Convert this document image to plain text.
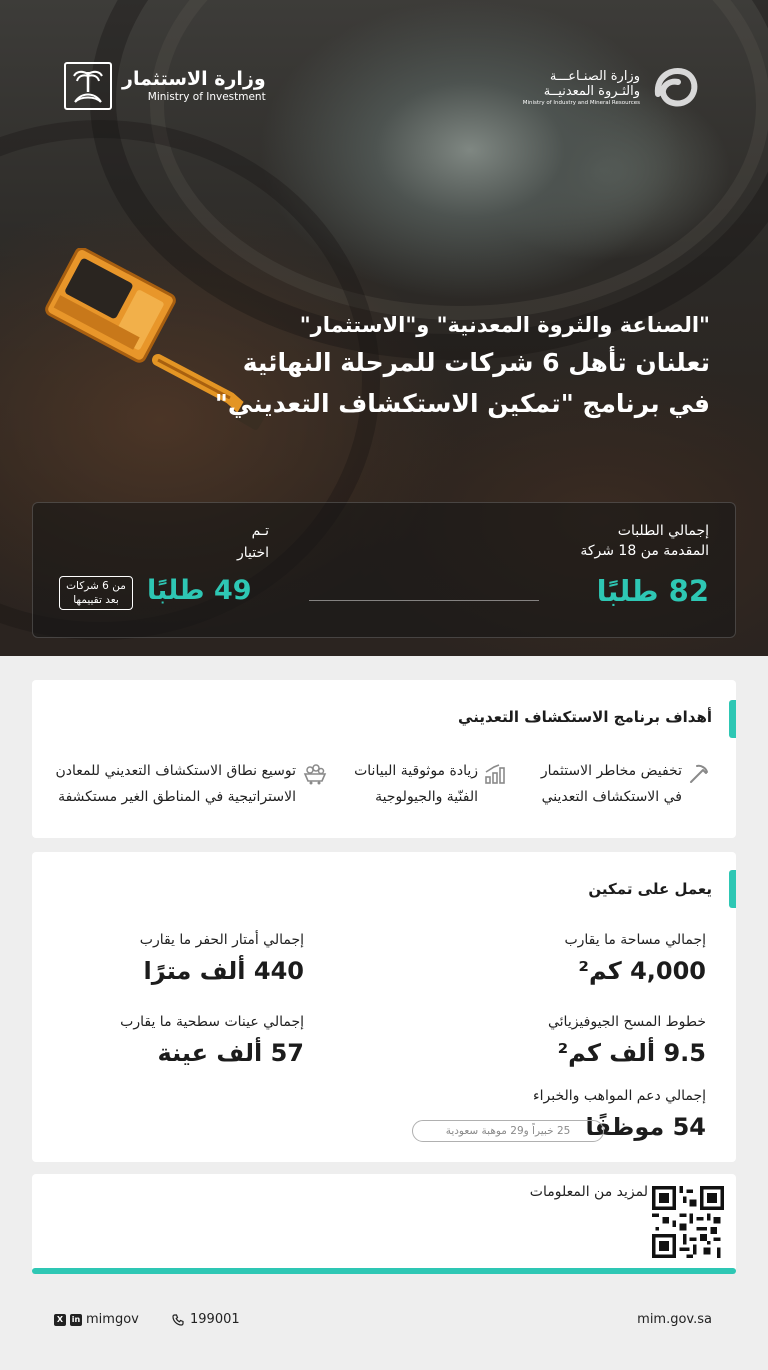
وزارة الاستثمار
Ministry of Investment
وزارة الصنـاعـــة
والثـروة المعدنيــة
Ministry of Industry and Mineral Resources
"الصناعة والثروة المعدنية" و"الاستثمار"
تعلنان تأهل 6 شركات للمرحلة النهائية
في برنامج "تمكين الاستكشاف التعديني"
إجمالي الطلبات
المقدمة من 18 شركة
82 طلبًا
تـم
اختيار
49 طلبًا
من 6 شركات
بعد تقييمها
أهداف برنامج الاستكشاف التعديني
تخفيض مخاطر الاستثمار
في الاستكشاف التعديني
زيادة موثوقية البيانات
الفنّية والجيولوجية
توسيع نطاق الاستكشاف التعديني للمعادن
الاستراتيجية في المناطق الغير مستكشفة
يعمل على تمكين
إجمالي مساحة ما يقارب
4,000 كم²
خطوط المسح الجيوفيزيائي
9.5 ألف كم²
إجمالي دعم المواهب والخبراء
54 موظفًا
25 خبيراً و29 موهبة سعودية
إجمالي أمتار الحفر ما يقارب
440 ألف مترًا
إجمالي عينات سطحية ما يقارب
57 ألف عينة
لمزيد من المعلومات
X	in mimgov	199001	mim.gov.sa
